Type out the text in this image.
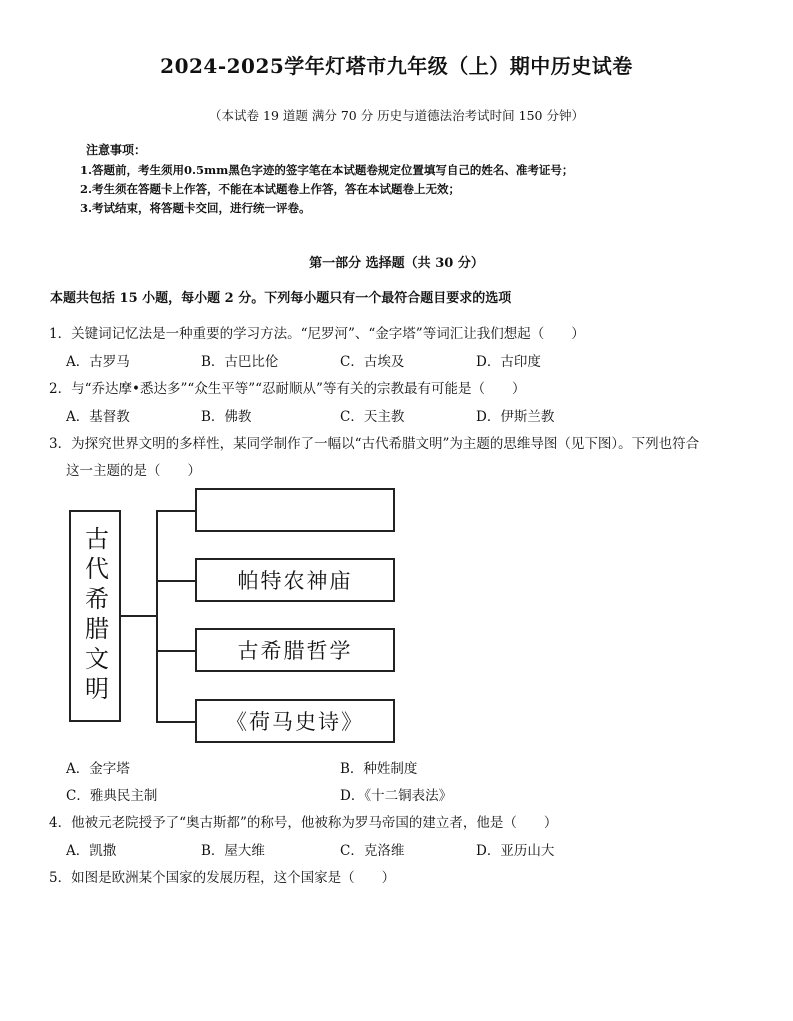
2024-2025学年灯塔市九年级（上）期中历史试卷
（本试卷 19 道题 满分 70 分 历史与道德法治考试时间 150 分钟）
注意事项：
1.答题前，考生须用0.5mm黑色字迹的签字笔在本试题卷规定位置填写自己的姓名、准考证号；
2.考生须在答题卡上作答，不能在本试题卷上作答，答在本试题卷上无效；
3.考试结束，将答题卡交回，进行统一评卷。
第一部分 选择题（共 30 分）
本题共包括 15 小题，每小题 2 分。下列每小题只有一个最符合题目要求的选项
1．关键词记忆法是一种重要的学习方法。“尼罗河”、“金字塔”等词汇让我们想起（　　）
A．古罗马	B．古巴比伦	C．古埃及	D．古印度
2．与“乔达摩•悉达多”“众生平等”“忍耐顺从”等有关的宗教最有可能是（　　）
A．基督教	B．佛教	C．天主教	D．伊斯兰教
3．为探究世界文明的多样性，某同学制作了一幅以“古代希腊文明”为主题的思维导图（见下图）。下列也符合
这一主题的是（　　）
古代希腊文明	帕特农神庙
古希腊哲学
《荷马史诗》
A．金字塔	B．种姓制度
C．雅典民主制	D．《十二铜表法》
4．他被元老院授予了“奥古斯都”的称号，他被称为罗马帝国的建立者，他是（　　）
A．凯撒	B．屋大维	C．克洛维	D．亚历山大
5．如图是欧洲某个国家的发展历程，这个国家是（　　）
